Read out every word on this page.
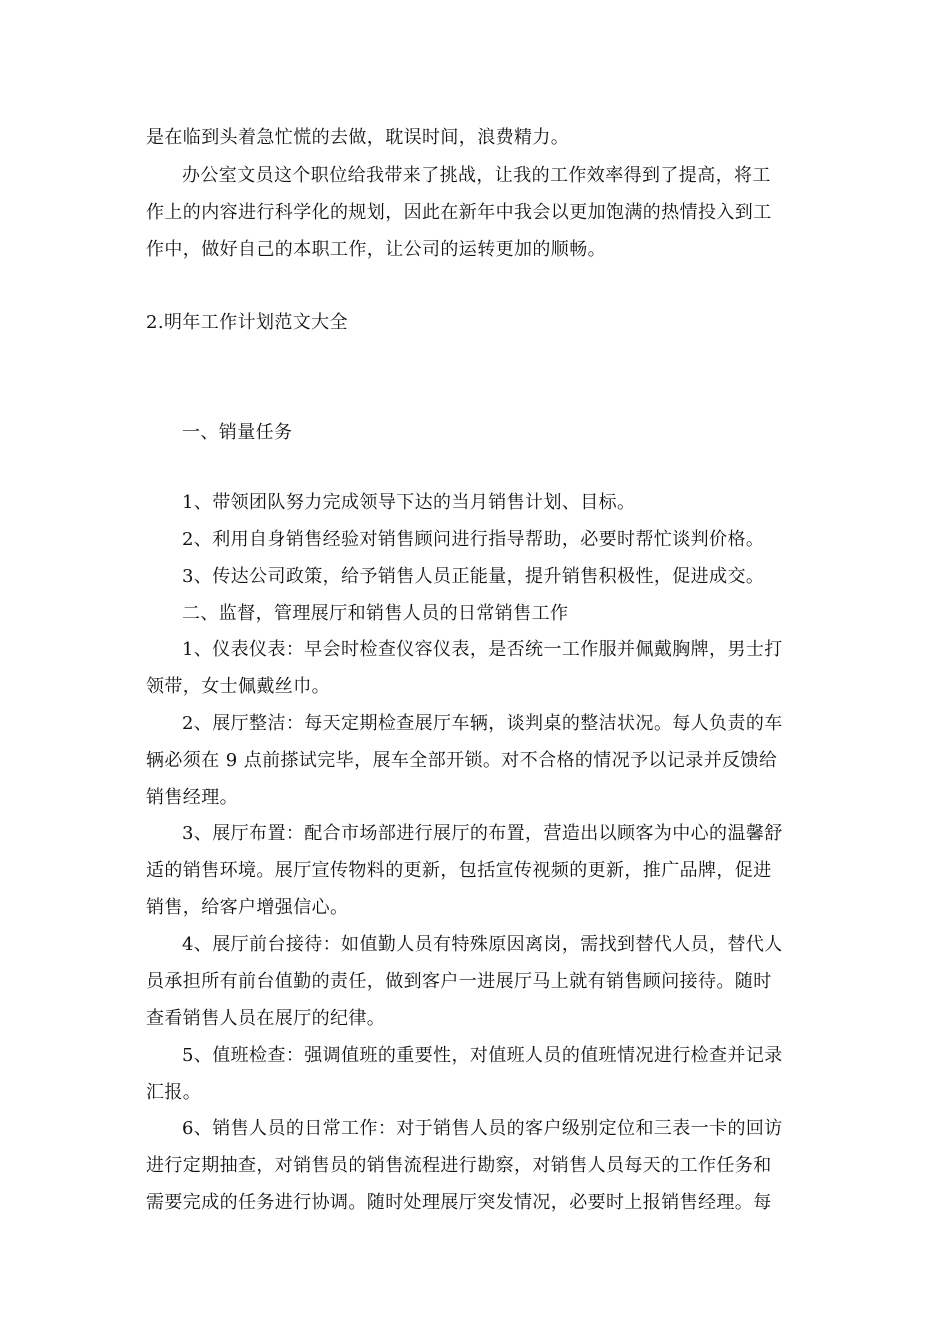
是在临到头着急忙慌的去做，耽误时间，浪费精力。
办公室文员这个职位给我带来了挑战，让我的工作效率得到了提高，将工
作上的内容进行科学化的规划，因此在新年中我会以更加饱满的热情投入到工
作中，做好自己的本职工作，让公司的运转更加的顺畅。
2.明年工作计划范文大全
一、销量任务
1、带领团队努力完成领导下达的当月销售计划、目标。
2、利用自身销售经验对销售顾问进行指导帮助，必要时帮忙谈判价格。
3、传达公司政策，给予销售人员正能量，提升销售积极性，促进成交。
二、监督，管理展厅和销售人员的日常销售工作
1、仪表仪表：早会时检查仪容仪表，是否统一工作服并佩戴胸牌，男士打
领带，女士佩戴丝巾。
2、展厅整洁：每天定期检查展厅车辆，谈判桌的整洁状况。每人负责的车
辆必须在 9 点前搽试完毕，展车全部开锁。对不合格的情况予以记录并反馈给
销售经理。
3、展厅布置：配合市场部进行展厅的布置，营造出以顾客为中心的温馨舒
适的销售环境。展厅宣传物料的更新，包括宣传视频的更新，推广品牌，促进
销售，给客户增强信心。
4、展厅前台接待：如值勤人员有特殊原因离岗，需找到替代人员，替代人
员承担所有前台值勤的责任，做到客户一进展厅马上就有销售顾问接待。随时
查看销售人员在展厅的纪律。
5、值班检查：强调值班的重要性，对值班人员的值班情况进行检查并记录
汇报。
6、销售人员的日常工作：对于销售人员的客户级别定位和三表一卡的回访
进行定期抽查，对销售员的销售流程进行勘察，对销售人员每天的工作任务和
需要完成的任务进行协调。随时处理展厅突发情况，必要时上报销售经理。每
